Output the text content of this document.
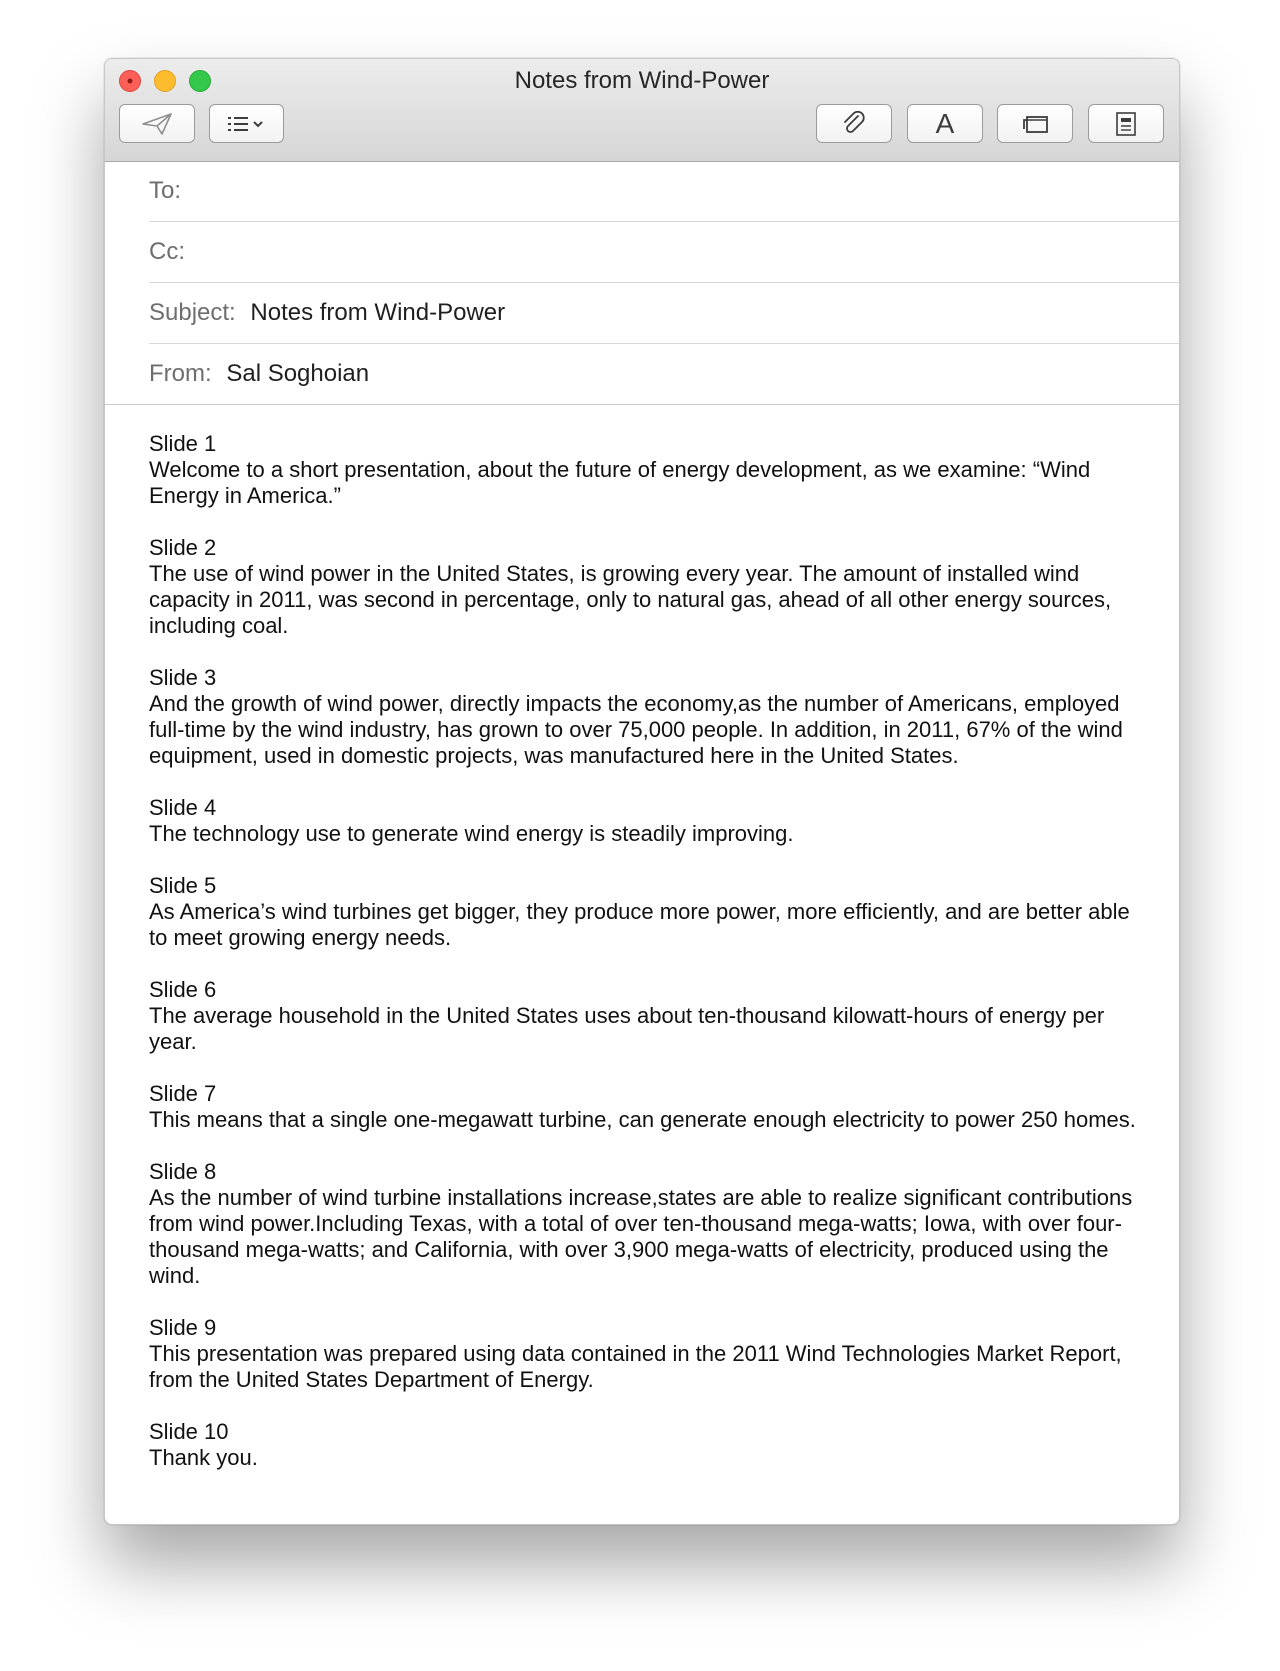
Notes from Wind-Power
A
To:
Cc:
Subject: Notes from Wind-Power
From: Sal Soghoian
Slide 1
Welcome to a short presentation, about the future of energy development, as we examine: “Wind Energy in America.”
Slide 2
The use of wind power in the United States, is growing every year. The amount of installed wind capacity in 2011, was second in percentage, only to natural gas, ahead of all other energy sources, including coal.
Slide 3
And the growth of wind power, directly impacts the economy,as the number of Americans, employed full-time by the wind industry, has grown to over 75,000 people. In addition, in 2011, 67% of the wind equipment, used in domestic projects, was manufactured here in the United States.
Slide 4
The technology use to generate wind energy is steadily improving.
Slide 5
As America’s wind turbines get bigger, they produce more power, more efficiently, and are better able to meet growing energy needs.
Slide 6
The average household in the United States uses about ten-thousand kilowatt-hours of energy per year.
Slide 7
This means that a single one-megawatt turbine, can generate enough electricity to power 250 homes.
Slide 8
As the number of wind turbine installations increase,states are able to realize significant contributions from wind power.Including Texas, with a total of over ten-thousand mega-watts; Iowa, with over four-thousand mega-watts; and California, with over 3,900 mega-watts of electricity, produced using the wind.
Slide 9
This presentation was prepared using data contained in the 2011 Wind Technologies Market Report, from the United States Department of Energy.
Slide 10
Thank you.
